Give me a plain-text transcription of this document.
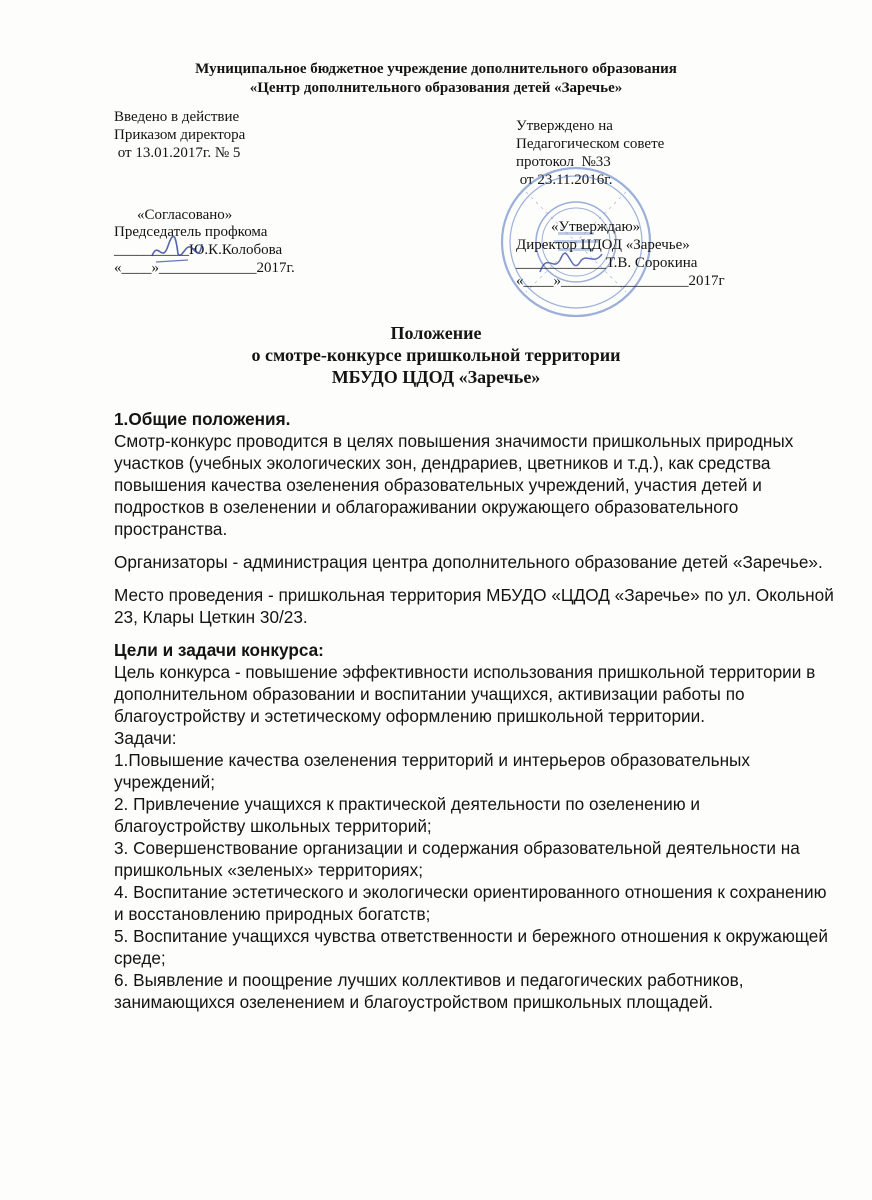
Муниципальное бюджетное учреждение дополнительного образования
«Центр дополнительного образования детей «Заречье»
Введено в действие
Приказом директора
от 13.01.2017г. № 5
Утверждено на
Педагогическом совете
протокол  №33
от 23.11.2016г.
«Согласовано»
Председатель профкома
__________Ю.К.Колобова
«____»_____________2017г.
«Утверждаю»
Директор ЦДОД «Заречье»
____________Т.В. Сорокина
«____»_________________2017г
Положение
о смотре-конкурсе пришкольной территории
МБУДО ЦДОД «Заречье»

1.Общие положения.

Смотр-конкурс проводится в целях повышения значимости пришкольных природных участков (учебных экологических зон, дендрариев, цветников и т.д.), как средства повышения качества озеленения образовательных учреждений, участия детей и подростков в озеленении и облагораживании окружающего образовательного пространства.

Организаторы - администрация центра дополнительного образование детей «Заречье».

Место проведения - пришкольная территория МБУДО «ЦДОД «Заречье» по ул. Окольной 23, Клары Цеткин 30/23.

Цели и задачи конкурса:

Цель конкурса - повышение эффективности использования пришкольной территории в дополнительном образовании и воспитании учащихся, активизации работы по благоустройству и эстетическому оформлению пришкольной территории.

Задачи:

1.Повышение качества озеленения территорий и интерьеров образовательных учреждений;

2. Привлечение учащихся к практической деятельности по озеленению и благоустройству школьных территорий;

3. Совершенствование организации и содержания образовательной деятельности на пришкольных «зеленых» территориях;

4. Воспитание эстетического и экологически ориентированного отношения к сохранению и восстановлению природных богатств;

5. Воспитание учащихся чувства ответственности и бережного отношения к окружающей среде;

6. Выявление и поощрение лучших коллективов и педагогических работников, занимающихся озеленением и благоустройством пришкольных площадей.
